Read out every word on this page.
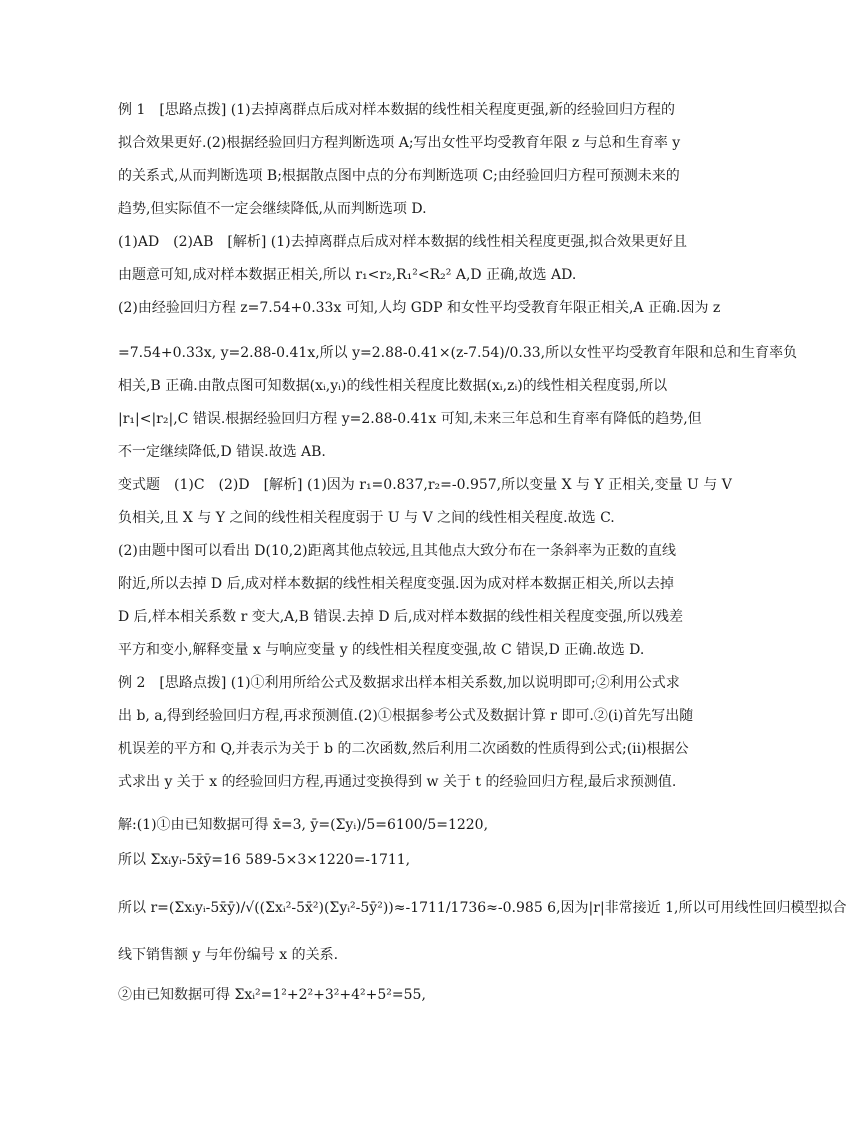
例 1　[思路点拨] (1)去掉离群点后成对样本数据的线性相关程度更强,新的经验回归方程的
拟合效果更好.(2)根据经验回归方程判断选项 A;写出女性平均受教育年限 z 与总和生育率 y
的关系式,从而判断选项 B;根据散点图中点的分布判断选项 C;由经验回归方程可预测未来的
趋势,但实际值不一定会继续降低,从而判断选项 D.
(1)AD　(2)AB　[解析] (1)去掉离群点后成对样本数据的线性相关程度更强,拟合效果更好且
由题意可知,成对样本数据正相关,所以 r₁<r₂,R₁²<R₂² A,D 正确,故选 AD.
(2)由经验回归方程 z=7.54+0.33x 可知,人均 GDP 和女性平均受教育年限正相关,A 正确.因为 z
=7.54+0.33x, y=2.88-0.41x,所以 y=2.88-0.41×(z-7.54)/0.33,所以女性平均受教育年限和总和生育率负
相关,B 正确.由散点图可知数据(xᵢ,yᵢ)的线性相关程度比数据(xᵢ,zᵢ)的线性相关程度弱,所以
|r₁|<|r₂|,C 错误.根据经验回归方程 y=2.88-0.41x 可知,未来三年总和生育率有降低的趋势,但
不一定继续降低,D 错误.故选 AB.
变式题　(1)C　(2)D　[解析] (1)因为 r₁=0.837,r₂=-0.957,所以变量 X 与 Y 正相关,变量 U 与 V
负相关,且 X 与 Y 之间的线性相关程度弱于 U 与 V 之间的线性相关程度.故选 C.
(2)由题中图可以看出 D(10,2)距离其他点较远,且其他点大致分布在一条斜率为正数的直线
附近,所以去掉 D 后,成对样本数据的线性相关程度变强.因为成对样本数据正相关,所以去掉
D 后,样本相关系数 r 变大,A,B 错误.去掉 D 后,成对样本数据的线性相关程度变强,所以残差
平方和变小,解释变量 x 与响应变量 y 的线性相关程度变强,故 C 错误,D 正确.故选 D.
例 2　[思路点拨] (1)①利用所给公式及数据求出样本相关系数,加以说明即可;②利用公式求
出 b, a,得到经验回归方程,再求预测值.(2)①根据参考公式及数据计算 r 即可.②(i)首先写出随
机误差的平方和 Q,并表示为关于 b 的二次函数,然后利用二次函数的性质得到公式;(ii)根据公
式求出 y 关于 x 的经验回归方程,再通过变换得到 w 关于 t 的经验回归方程,最后求预测值.
解:(1)①由已知数据可得 x̄=3, ȳ=(Σyᵢ)/5=6100/5=1220,
所以 Σxᵢyᵢ-5x̄ȳ=16 589-5×3×1220=-1711,
所以 r=(Σxᵢyᵢ-5x̄ȳ)/√((Σxᵢ²-5x̄²)(Σyᵢ²-5ȳ²))≈-1711/1736≈-0.985 6,因为|r|非常接近 1,所以可用线性回归模型拟合
线下销售额 y 与年份编号 x 的关系.
②由已知数据可得 Σxᵢ²=1²+2²+3²+4²+5²=55,
